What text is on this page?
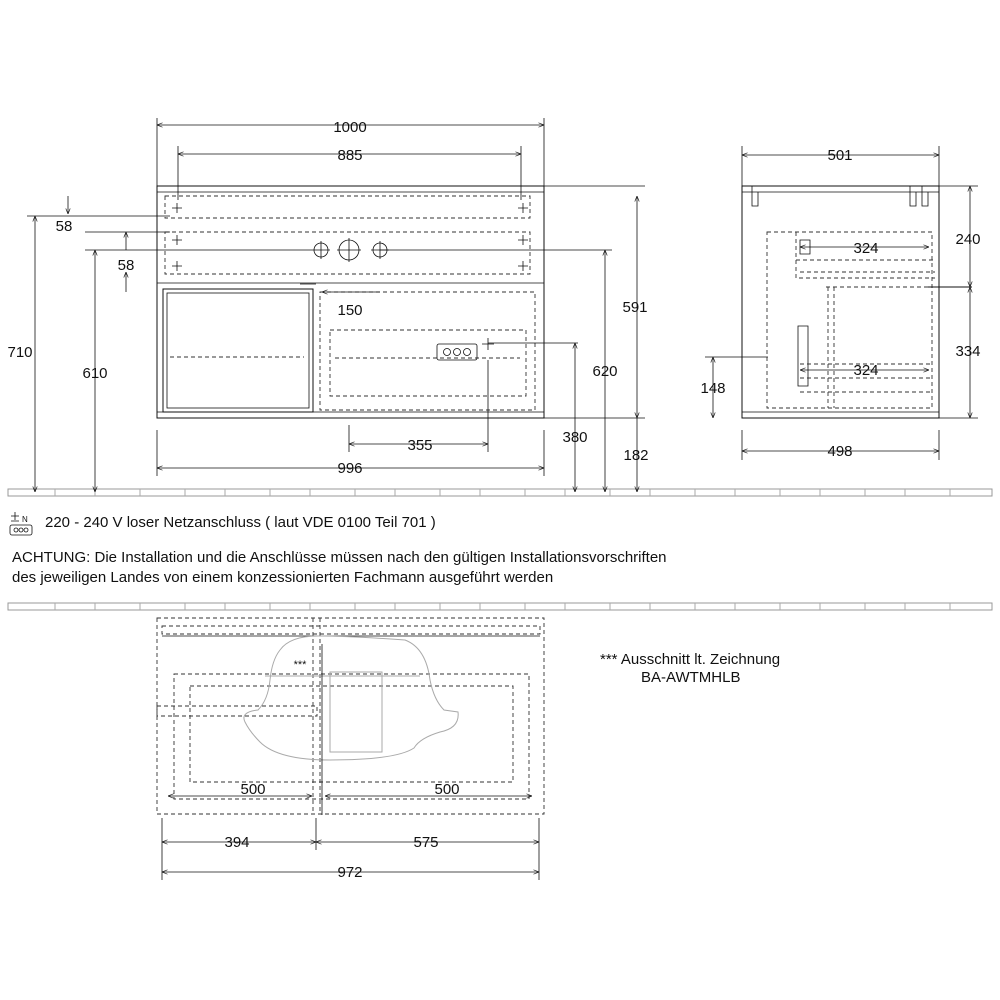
1000
885
710
58
58
610
150	591
620
355	380
182
996
501
324
324
498
240
334
148
N
***
500	500
394	575
972
220 - 240 V loser Netzanschluss ( laut VDE 0100 Teil 701 )
ACHTUNG: Die Installation und die Anschlüsse müssen nach den gültigen Installationsvorschriften
des jeweiligen Landes von einem konzessionierten Fachmann ausgeführt werden
*** Ausschnitt lt. Zeichnung
BA-AWTMHLB
